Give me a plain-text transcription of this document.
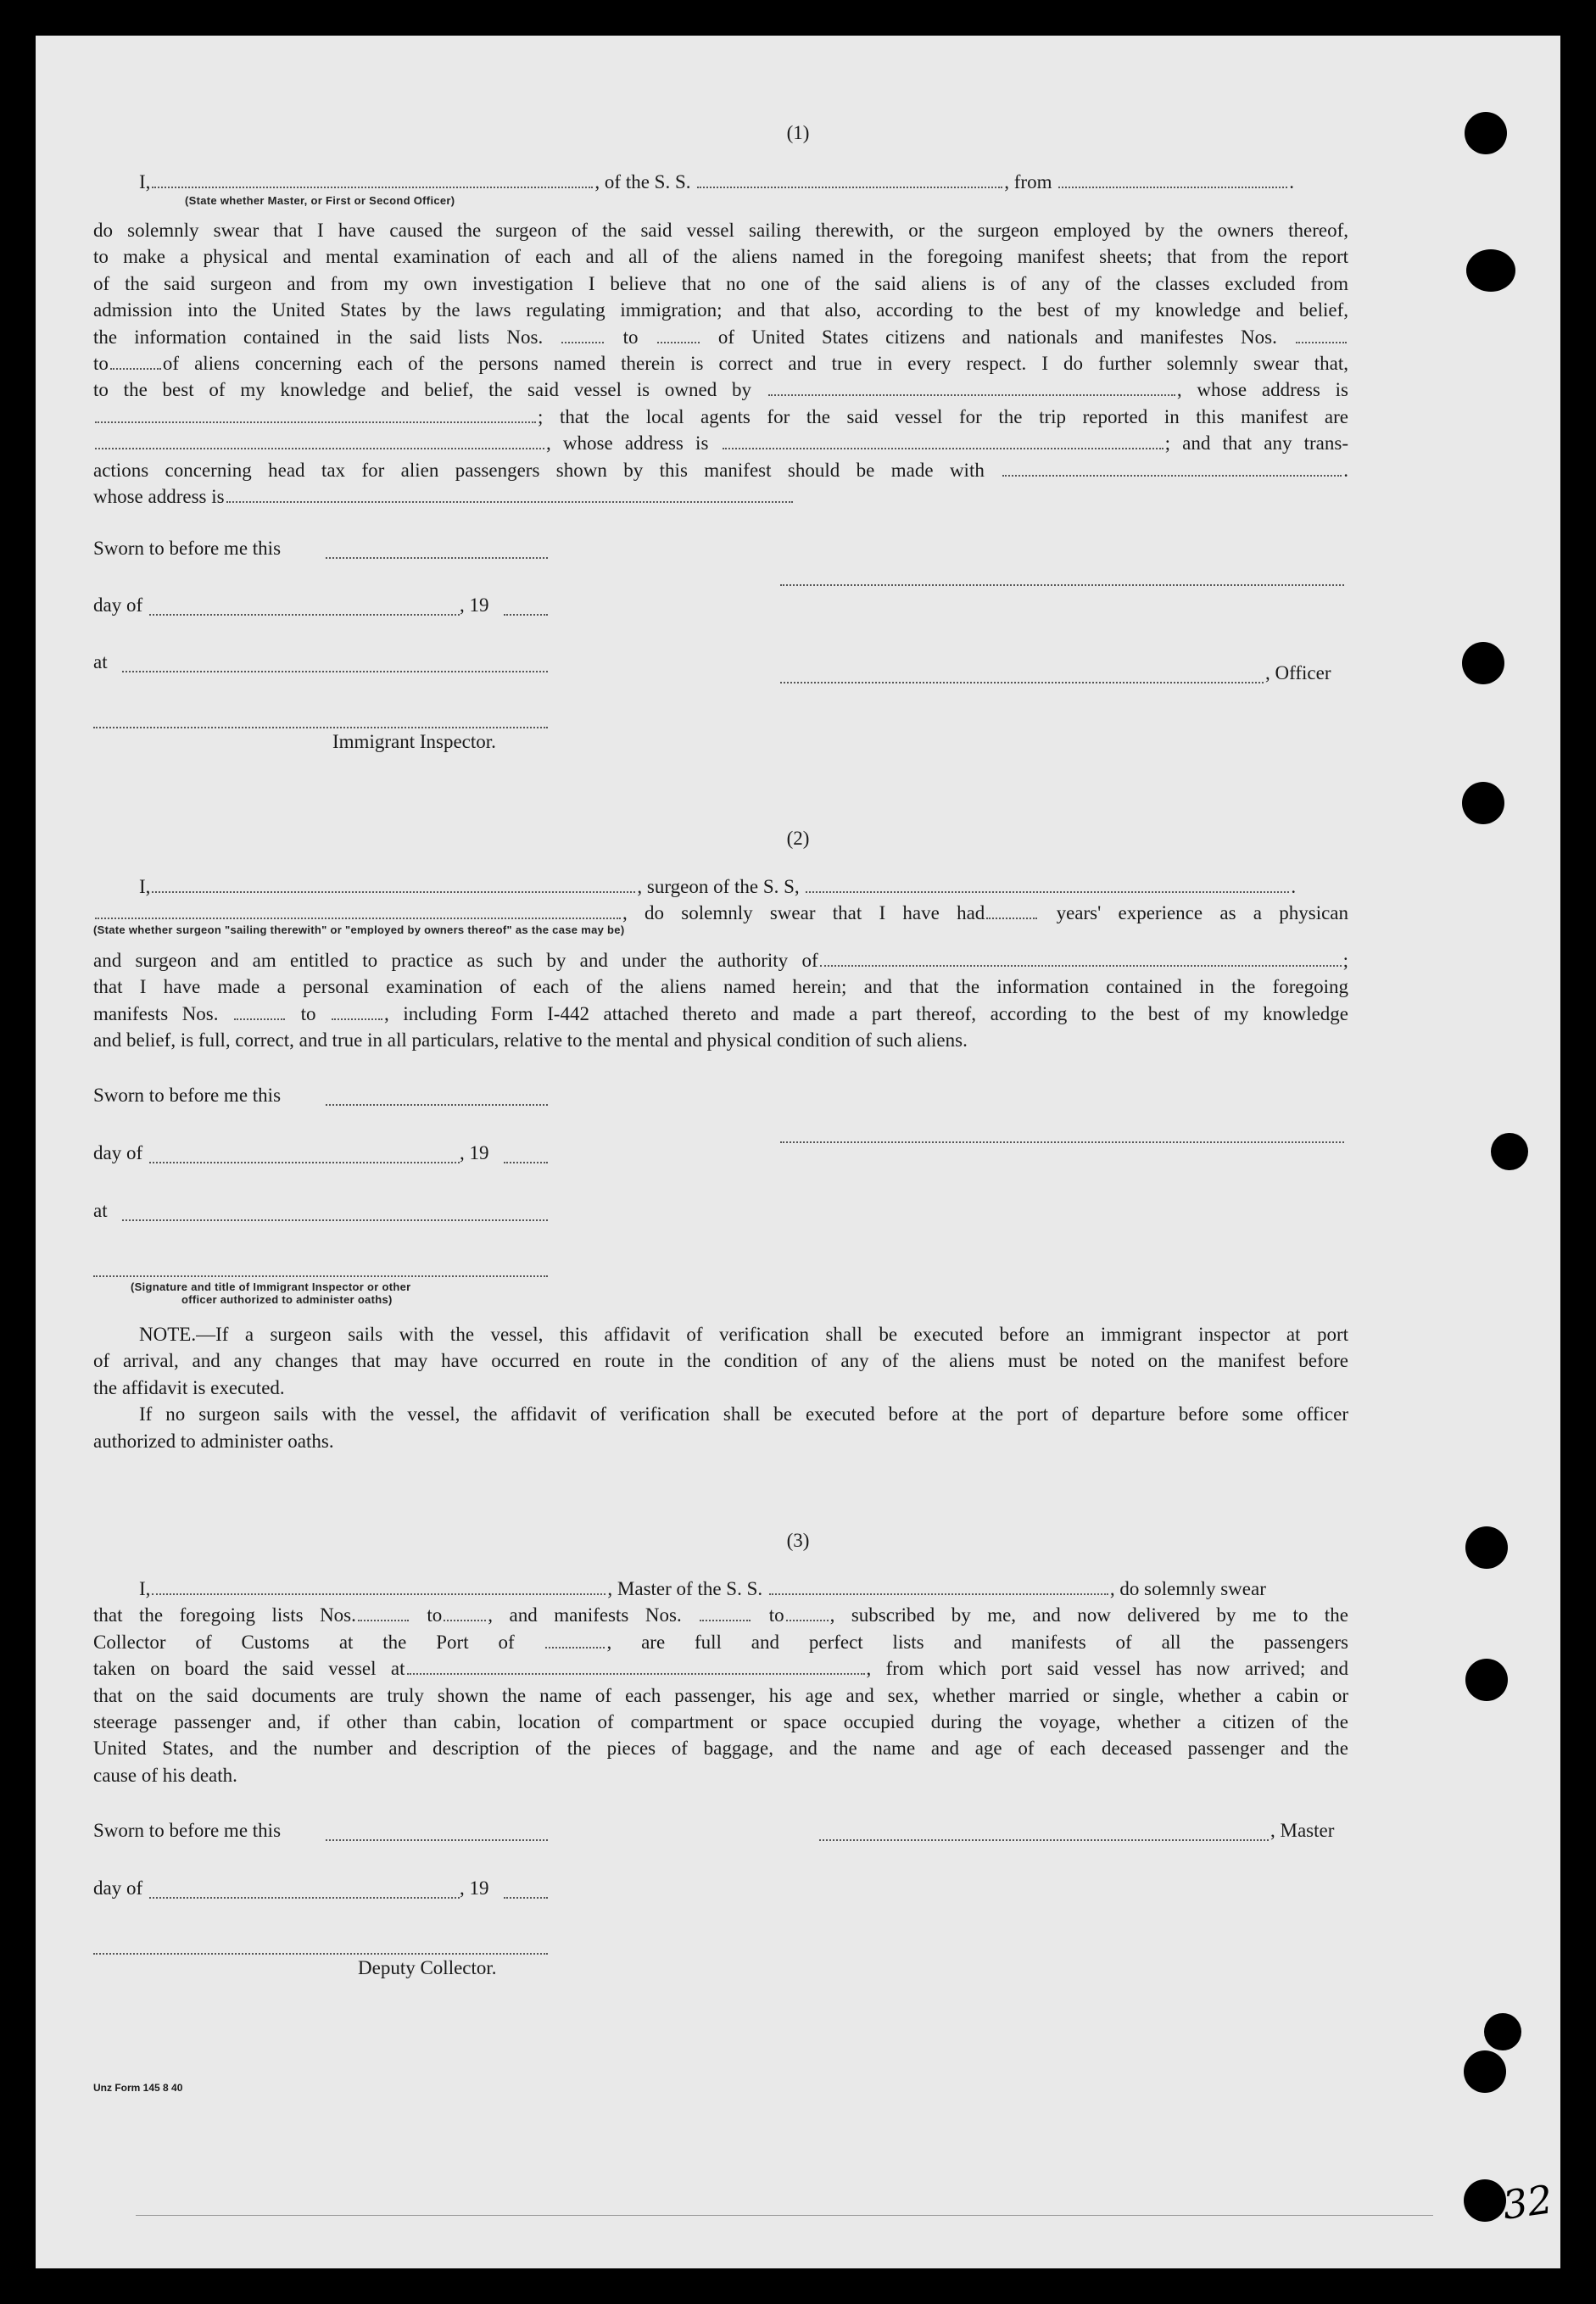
(1)
I,	, of the S. S.	, from	.
(State whether Master, or First or Second Officer)
do solemnly swear that I have caused the surgeon of the said vessel sailing therewith, or the surgeon employed by the owners thereof,
to make a physical and mental examination of each and all of the aliens named in the foregoing manifest sheets; that from the report
of the said surgeon and from my own investigation I believe that no one of the said aliens is of any of the classes excluded from
admission into the United States by the laws regulating immigration; and that also, according to the best of my knowledge and belief,
the information contained in the said lists Nos.	to	of United States citizens and nationals and manifestes Nos.
to	of aliens concerning each of the persons named therein is correct and true in every respect. I do further solemnly swear that,
to the best of my knowledge and belief, the said vessel is owned by	, whose address is
; that the local agents for the said vessel for the trip reported in this manifest are
, whose address is	; and that any trans-
actions concerning head tax for alien passengers shown by this manifest should be made with	.
whose address is
Sworn to before me this
day of	, 19
at
, Officer
Immigrant Inspector.
(2)
I,	, surgeon of the S. S,	.
, do solemnly swear that I have had	years' experience as a physican
(State whether surgeon "sailing therewith" or "employed by owners thereof" as the case may be)
and surgeon and am entitled to practice as such by and under the authority of	;
that I have made a personal examination of each of the aliens named herein; and that the information contained in the foregoing
manifests Nos.	to	, including Form I-442 attached thereto and made a part thereof, according to the best of my knowledge
and belief, is full, correct, and true in all particulars, relative to the mental and physical condition of such aliens.
Sworn to before me this
day of	, 19
at
(Signature and title of Immigrant Inspector or other
officer authorized to administer oaths)
NOTE.—If a surgeon sails with the vessel, this affidavit of verification shall be executed before an immigrant inspector at port
of arrival, and any changes that may have occurred en route in the condition of any of the aliens must be noted on the manifest before
the affidavit is executed.
If no surgeon sails with the vessel, the affidavit of verification shall be executed before at the port of departure before some officer
authorized to administer oaths.
(3)
I,	, Master of the S. S.	, do solemnly swear
that the foregoing lists Nos.	to , and manifests Nos.	to , subscribed by me, and now delivered by me to the
Collector of Customs at the Port of	, are full and perfect lists and manifests of all the passengers
taken on board the said vessel at	, from which port said vessel has now arrived; and
that on the said documents are truly shown the name of each passenger, his age and sex, whether married or single, whether a cabin or
steerage passenger and, if other than cabin, location of compartment or space occupied during the voyage, whether a citizen of the
United States, and the number and description of the pieces of baggage, and the name and age of each deceased passenger and the
cause of his death.
Sworn to before me this	, Master
day of	, 19
Deputy Collector.
Unz Form 145 8 40
32
